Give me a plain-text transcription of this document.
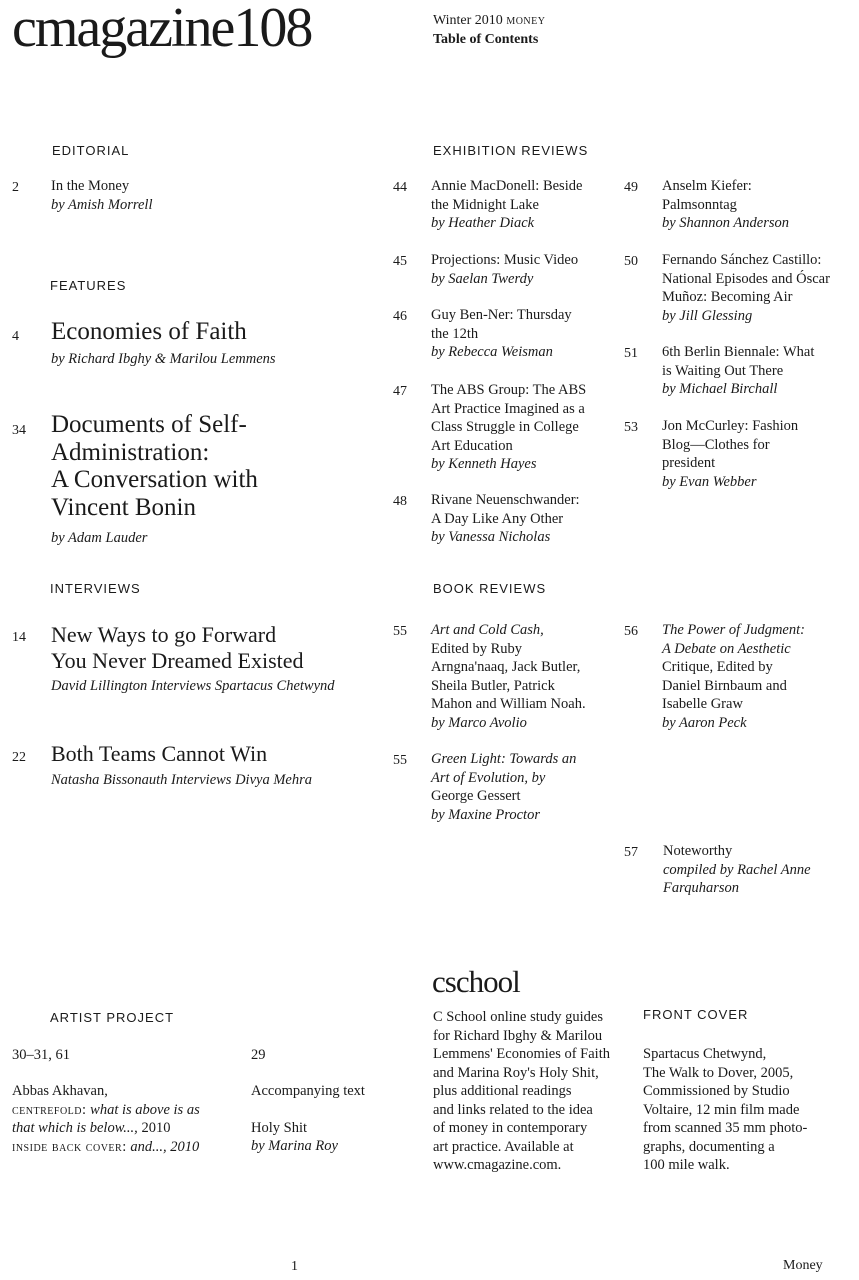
cmagazine108	Winter 2010 money
Table of Contents
EDITORIAL
2 In the Money
by Amish Morrell
FEATURES
4 Economies of Faith
by Richard Ibghy & Marilou Lemmens
34 Documents of Self-
Administration:
A Conversation with
Vincent Bonin
by Adam Lauder
EXHIBITION REVIEWS
44 Annie MacDonell: Beside
the Midnight Lake
by Heather Diack
45 Projections: Music Video
by Saelan Twerdy
46 Guy Ben-Ner: Thursday
the 12th
by Rebecca Weisman
47 The ABS Group: The ABS
Art Practice Imagined as a
Class Struggle in College
Art Education
by Kenneth Hayes
48 Rivane Neuenschwander:
A Day Like Any Other
by Vanessa Nicholas
49 Anselm Kiefer:
Palmsonntag
by Shannon Anderson
50 Fernando Sánchez Castillo:
National Episodes and Óscar
Muñoz: Becoming Air
by Jill Glessing
51 6th Berlin Biennale: What
is Waiting Out There
by Michael Birchall
53 Jon McCurley: Fashion
Blog—Clothes for
president
by Evan Webber
INTERVIEWS
14 New Ways to go Forward
You Never Dreamed Existed
David Lillington Interviews Spartacus Chetwynd
22 Both Teams Cannot Win
Natasha Bissonauth Interviews Divya Mehra
BOOK REVIEWS
55 Art and Cold Cash,
Edited by Ruby
Arngna'naaq, Jack Butler,
Sheila Butler, Patrick
Mahon and William Noah.
by Marco Avolio
55 Green Light: Towards an
Art of Evolution, by
George Gessert
by Maxine Proctor
56 The Power of Judgment:
A Debate on Aesthetic
Critique, Edited by
Daniel Birnbaum and
Isabelle Graw
by Aaron Peck
57 Noteworthy
compiled by Rachel Anne
Farquharson
ARTIST PROJECT
30–31, 61
Abbas Akhavan,
centrefold: what is above is as
that which is below..., 2010
inside back cover: and..., 2010
29
Accompanying text
Holy Shit
by Marina Roy
cschool
C School online study guides
for Richard Ibghy & Marilou
Lemmens' Economies of Faith
and Marina Roy's Holy Shit,
plus additional readings
and links related to the idea
of money in contemporary
art practice. Available at
www.cmagazine.com.
FRONT COVER
Spartacus Chetwynd,
The Walk to Dover, 2005,
Commissioned by Studio
Voltaire, 12 min film made
from scanned 35 mm photo-
graphs, documenting a
100 mile walk.
1	Money
